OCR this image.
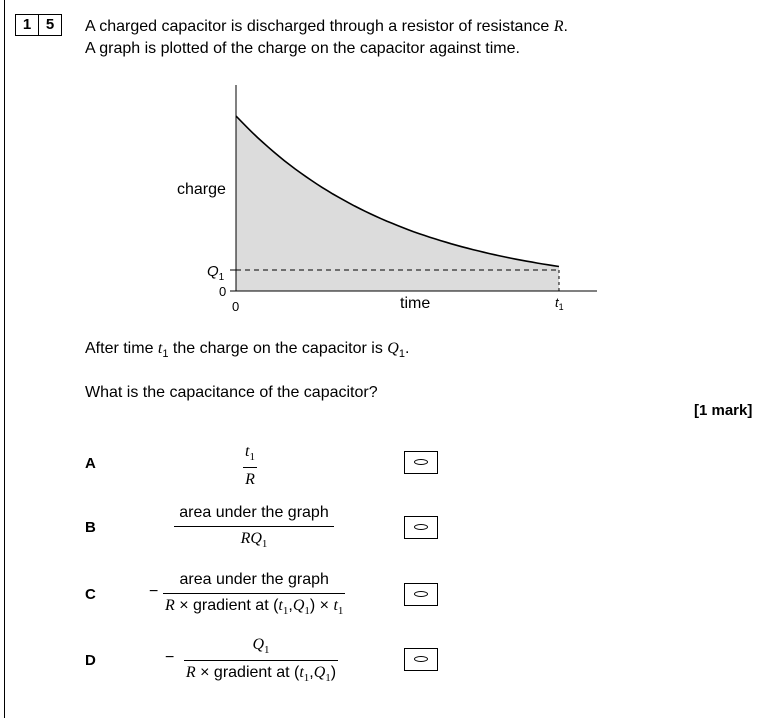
1 5	A charged capacitor is discharged through a resistor of resistance R.
A graph is plotted of the charge on the capacitor against time.
charge
time
$Q_1$
0
0	$t_1$
After time $t_1$ the charge on the capacitor is $Q_1$.
What is the capacitance of the capacitor?
[1 mark]
A	$\frac{t_1}{R}$
B
area under the graph
$RQ_1$
C	−
area under the graph
R × gradient at $(t_1,Q_1) \times t_1$
D	−
$Q_1$
R × gradient at $(t_1,Q_1)$
